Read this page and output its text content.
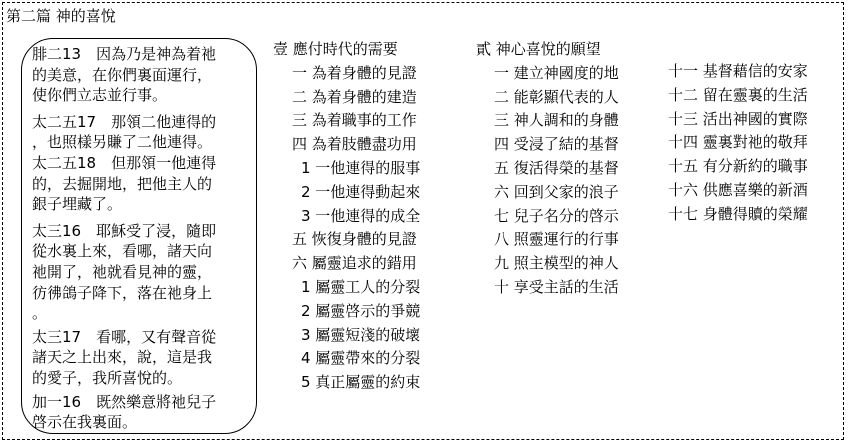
第二篇 神的喜悅
腓二13　因為乃是神為着祂
的美意，在你們裏面運行，
使你們立志並行事。
太二五17　那領二他連得的
，也照樣另賺了二他連得。
太二五18　但那領一他連得
的，去掘開地，把他主人的
銀子埋藏了。
太三16　耶穌受了浸，隨即
從水裏上來，看哪，諸天向
祂開了，祂就看見神的靈，
彷彿鴿子降下，落在祂身上
。
太三17　看哪，又有聲音從
諸天之上出來，說，這是我
的愛子，我所喜悅的。
加一16　既然樂意將祂兒子
啓示在我裏面。
壹 應付時代的需要
一 為着身體的見證
二 為着身體的建造
三 為着職事的工作
四 為着肢體盡功用
1 一他連得的服事
2 一他連得動起來
3 一他連得的成全
五 恢復身體的見證
六 屬靈追求的錯用
1 屬靈工人的分裂
2 屬靈啓示的爭競
3 屬靈短淺的破壞
4 屬靈帶來的分裂
5 真正屬靈的約束
貳 神心喜悅的願望
一 建立神國度的地
二 能彰顯代表的人
三 神人調和的身體
四 受浸了結的基督
五 復活得榮的基督
六 回到父家的浪子
七 兒子名分的啓示
八 照靈運行的行事
九 照主模型的神人
十 享受主話的生活
十一 基督藉信的安家
十二 留在靈裏的生活
十三 活出神國的實際
十四 靈裏對祂的敬拜
十五 有分新約的職事
十六 供應喜樂的新酒
十七 身體得贖的榮耀
